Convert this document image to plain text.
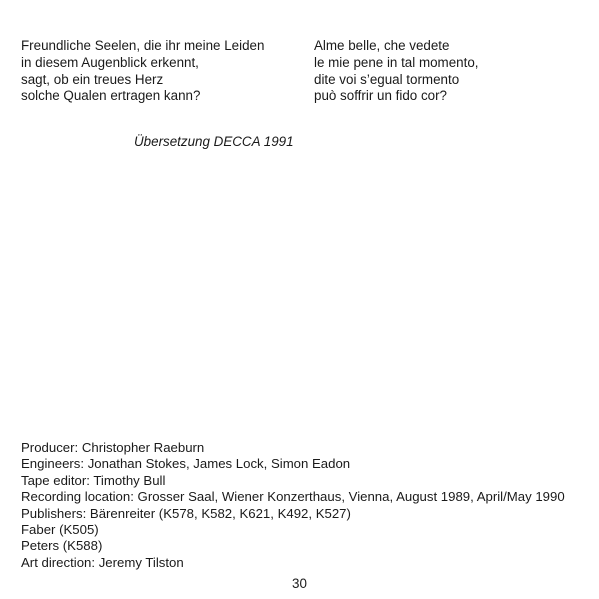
Freundliche Seelen, die ihr meine Leiden
in diesem Augenblick erkennt,
sagt, ob ein treues Herz
solche Qualen ertragen kann?
Alme belle, che vedete
le mie pene in tal momento,
dite voi s’egual tormento
può soffrir un fido cor?
Übersetzung DECCA 1991
Producer: Christopher Raeburn
Engineers: Jonathan Stokes, James Lock, Simon Eadon
Tape editor: Timothy Bull
Recording location: Grosser Saal, Wiener Konzerthaus, Vienna, August 1989, April/May 1990
Publishers: Bärenreiter (K578, K582, K621, K492, K527)
Faber (K505)
Peters (K588)
Art direction: Jeremy Tilston
30
